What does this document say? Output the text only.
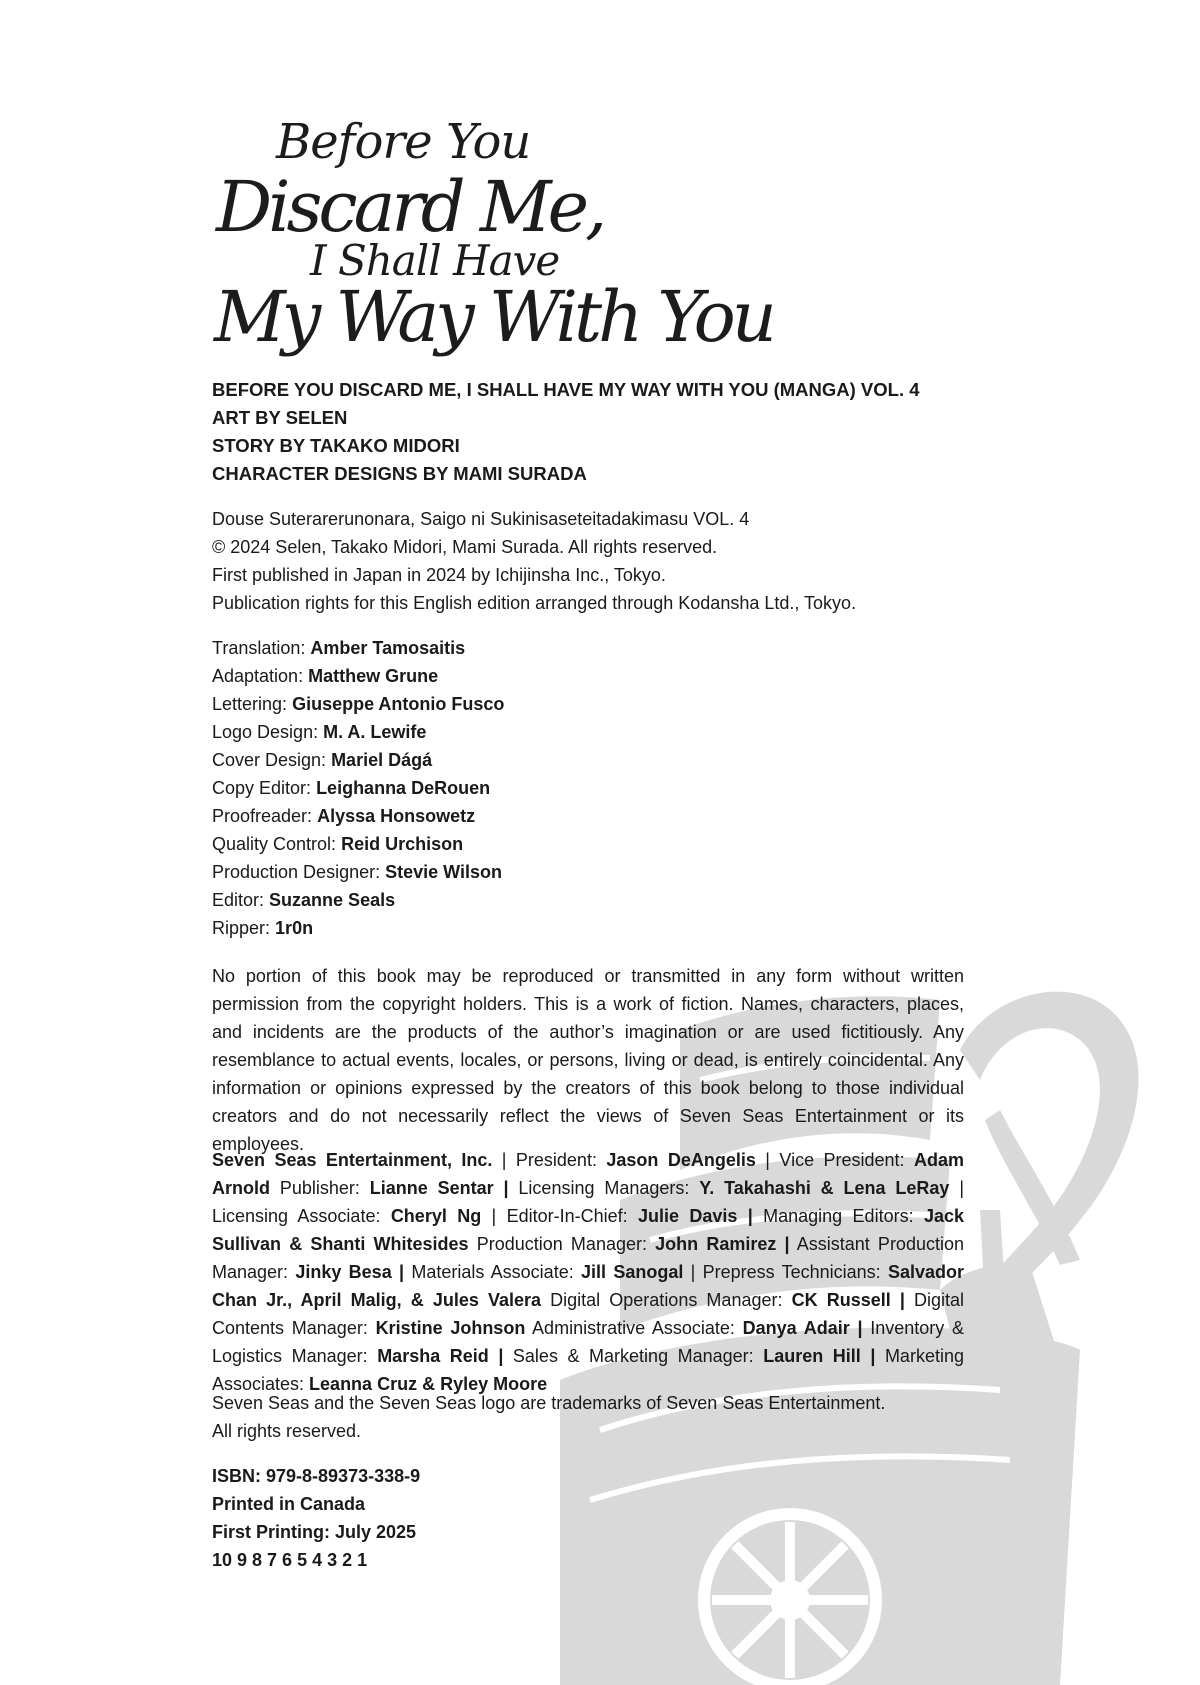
Before You
Discard Me,
I Shall Have
My Way With You
BEFORE YOU DISCARD ME, I SHALL HAVE MY WAY WITH YOU (MANGA) VOL. 4
ART BY SELEN
STORY BY TAKAKO MIDORI
CHARACTER DESIGNS BY MAMI SURADA
Douse Suterarerunonara, Saigo ni Sukinisaseteitadakimasu VOL. 4
© 2024 Selen, Takako Midori, Mami Surada. All rights reserved.
First published in Japan in 2024 by Ichijinsha Inc., Tokyo.
Publication rights for this English edition arranged through Kodansha Ltd., Tokyo.
Translation: Amber Tamosaitis
Adaptation: Matthew Grune
Lettering: Giuseppe Antonio Fusco
Logo Design: M. A. Lewife
Cover Design: Mariel Dágá
Copy Editor: Leighanna DeRouen
Proofreader: Alyssa Honsowetz
Quality Control: Reid Urchison
Production Designer: Stevie Wilson
Editor: Suzanne Seals
Ripper: 1r0n
No portion of this book may be reproduced or transmitted in any form without written permission from the copyright holders. This is a work of fiction. Names, characters, places, and incidents are the products of the author’s imagination or are used fictitiously. Any resemblance to actual events, locales, or persons, living or dead, is entirely coincidental. Any information or opinions expressed by the creators of this book belong to those individual creators and do not necessarily reflect the views of Seven Seas Entertainment or its employees.
Seven Seas Entertainment, Inc. | President: Jason DeAngelis | Vice President: Adam Arnold Publisher: Lianne Sentar | Licensing Managers: Y. Takahashi & Lena LeRay | Licensing Associate: Cheryl Ng | Editor-In-Chief: Julie Davis | Managing Editors: Jack Sullivan & Shanti Whitesides Production Manager: John Ramirez | Assistant Production Manager: Jinky Besa | Materials Associate: Jill Sanogal | Prepress Technicians: Salvador Chan Jr., April Malig, & Jules Valera Digital Operations Manager: CK Russell | Digital Contents Manager: Kristine Johnson Administrative Associate: Danya Adair | Inventory & Logistics Manager: Marsha Reid | Sales & Marketing Manager: Lauren Hill | Marketing Associates: Leanna Cruz & Ryley Moore
Seven Seas and the Seven Seas logo are trademarks of Seven Seas Entertainment.
All rights reserved.
ISBN: 979-8-89373-338-9
Printed in Canada
First Printing: July 2025
10 9 8 7 6 5 4 3 2 1
